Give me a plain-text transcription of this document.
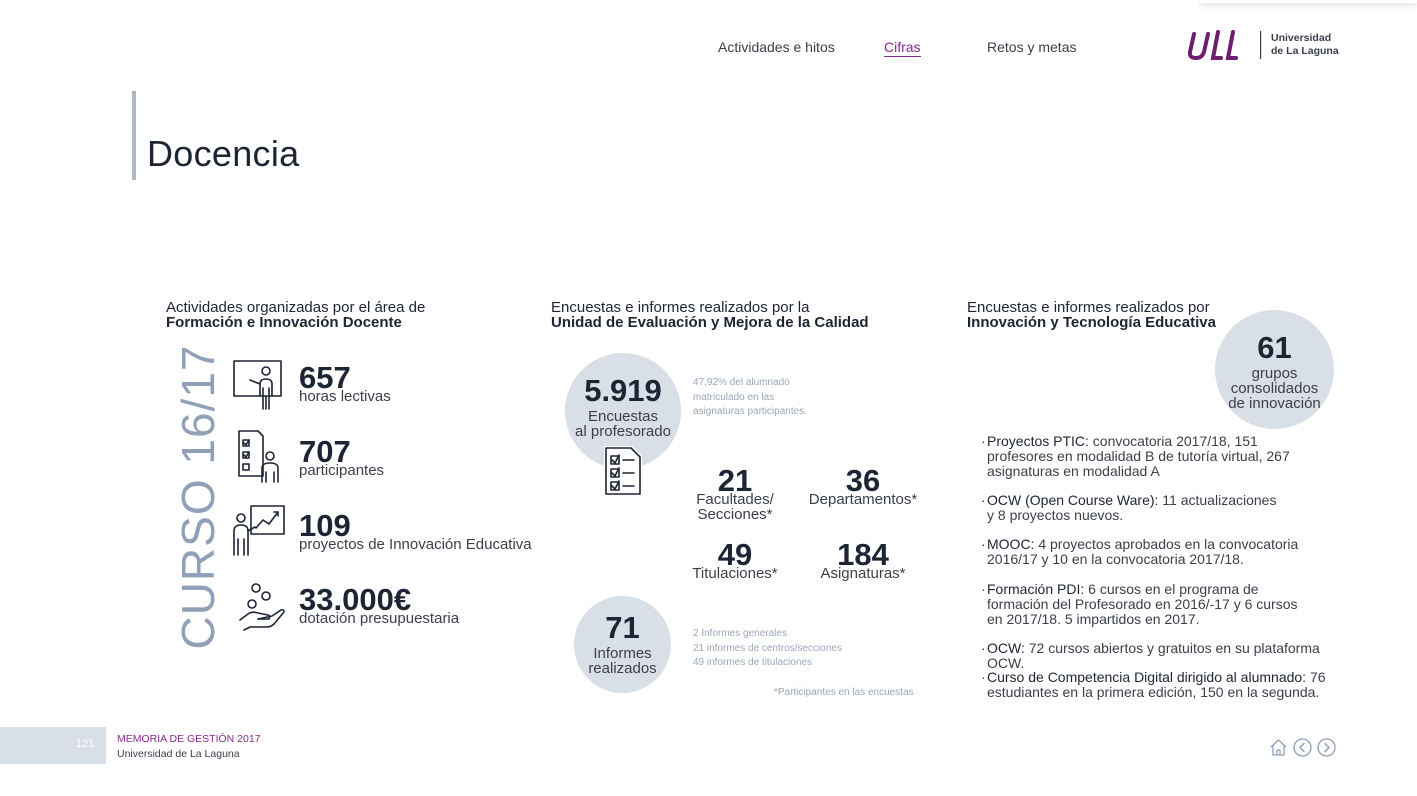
Actividades e hitos	Cifras	Retos y metas
Universidad
de La Laguna
Docencia
Actividades organizadas por el área de
Formación e Innovación Docente
CURSO 16/17 657
horas lectivas
707
participantes
109
proyectos de Innovación Educativa
33.000€
dotación presupuestaria
Encuestas e informes realizados por la
Unidad de Evaluación y Mejora de la Calidad
5.919
Encuestas
al profesorado
47,92% del alumnado
matriculado en las
asignaturas participantes.
21
Facultades/
Secciones*
36
Departamentos*
49
Titulaciones*
184
Asignaturas*
71
Informes
realizados
2 Informes generales
21 informes de centros/secciones
49 informes de titulaciones
*Participantes en las encuestas
Encuestas e informes realizados por
Innovación y Tecnología Educativa
61
grupos
consolidados
de innovación
· Proyectos PTIC: convocatoria 2017/18, 151 profesores en modalidad B de tutoría virtual, 267 asignaturas en modalidad A
· OCW (Open Course Ware): 11 actualizaciones y 8 proyectos nuevos.
· MOOC: 4 proyectos aprobados en la convocatoria 2016/17 y 10 en la convocatoria 2017/18.
· Formación PDI: 6 cursos en el programa de formación del Profesorado en 2016/-17 y 6 cursos en 2017/18. 5 impartidos en 2017.
· OCW: 72 cursos abiertos y gratuitos en su plataforma OCW.
· Curso de Competencia Digital dirigido al alumnado: 76 estudiantes en la primera edición, 150 en la segunda.
121 MEMORIA DE GESTIÓN 2017
Universidad de La Laguna
